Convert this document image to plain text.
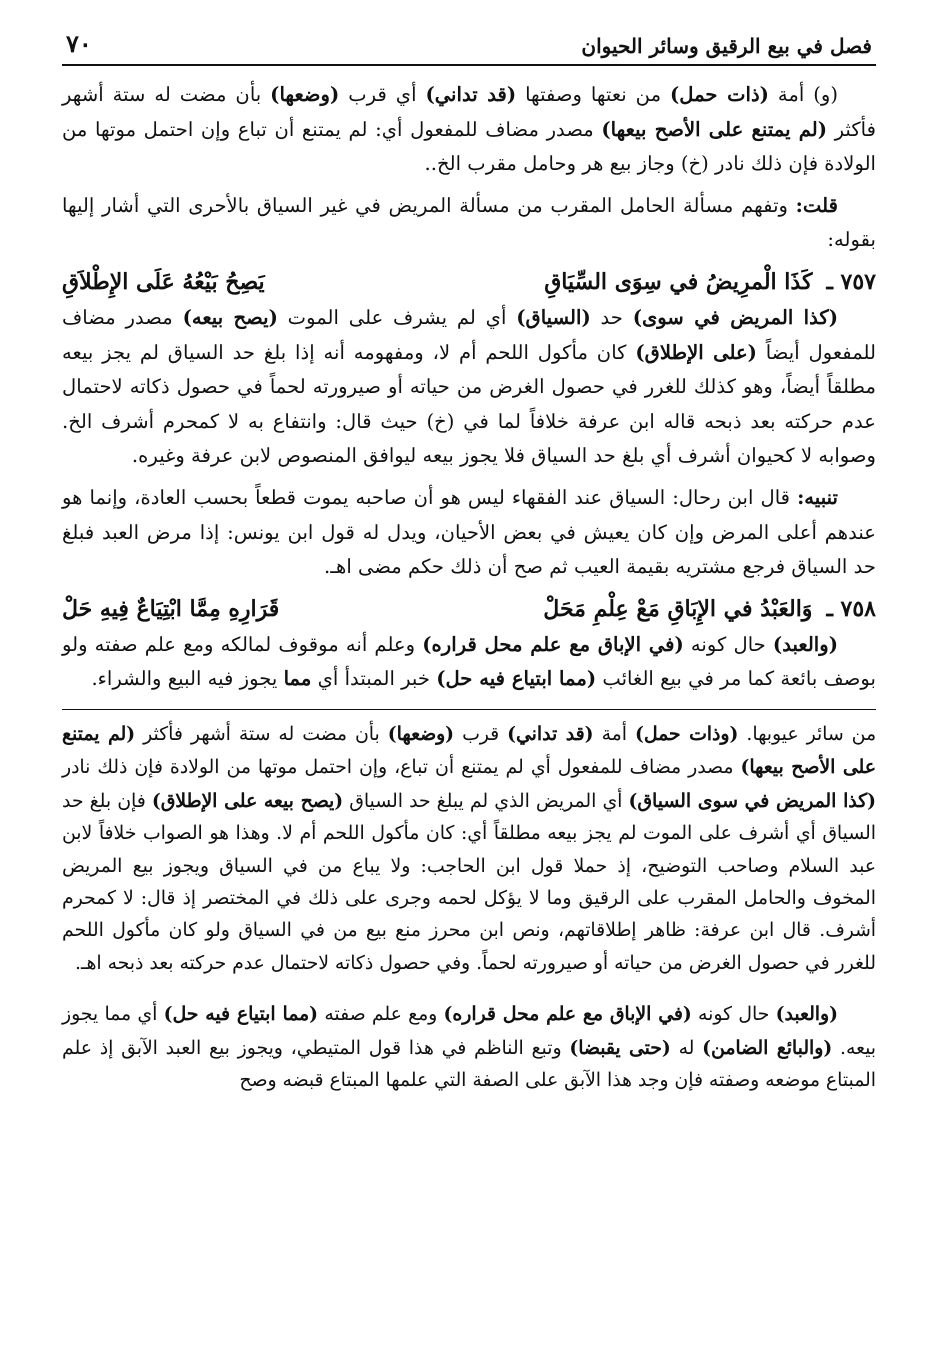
فصل في بيع الرقيق وسائر الحيوان
٧٠

(و) أمة (ذات حمل) من نعتها وصفتها (قد تداني) أي قرب (وضعها) بأن مضت له ستة أشهر فأكثر (لم يمتنع على الأصح بيعها) مصدر مضاف للمفعول أي: لم يمتنع أن تباع وإن احتمل موتها من الولادة فإن ذلك نادر (خ) وجاز بيع هر وحامل مقرب الخ..

قلت: وتفهم مسألة الحامل المقرب من مسألة المريض في غير السياق بالأحرى التي أشار إليها بقوله:

٧٥٧ ـ
كَذَا الْمرِيضُ في سِوَى السِّيَاقِ
يَصِحُ بَيْعُهُ عَلَى الإِطْلاَقِ

(كذا المريض في سوى) حد (السياق) أي لم يشرف على الموت (يصح بيعه) مصدر مضاف للمفعول أيضاً (على الإطلاق) كان مأكول اللحم أم لا، ومفهومه أنه إذا بلغ حد السياق لم يجز بيعه مطلقاً أيضاً، وهو كذلك للغرر في حصول الغرض من حياته أو صيرورته لحماً في حصول ذكاته لاحتمال عدم حركته بعد ذبحه قاله ابن عرفة خلافاً لما في (خ) حيث قال: وانتفاع به لا كمحرم أشرف الخ. وصوابه لا كحيوان أشرف أي بلغ حد السياق فلا يجوز بيعه ليوافق المنصوص لابن عرفة وغيره.

تنبيه: قال ابن رحال: السياق عند الفقهاء ليس هو أن صاحبه يموت قطعاً بحسب العادة، وإنما هو عندهم أعلى المرض وإن كان يعيش في بعض الأحيان، ويدل له قول ابن يونس: إذا مرض العبد فبلغ حد السياق فرجع مشتريه بقيمة العيب ثم صح أن ذلك حكم مضى اهـ.

٧٥٨ ـ
وَالعَبْدُ في الإِبَاقِ مَعْ عِلْمِ مَحَلْ
قَرَارِهِ مِمَّا ابْتِيَاعٌ فِيهِ حَلْ

(والعبد) حال كونه (في الإباق مع علم محل قراره) وعلم أنه موقوف لمالكه ومع علم صفته ولو بوصف بائعة كما مر في بيع الغائب (مما ابتياع فيه حل) خبر المبتدأ أي مما يجوز فيه البيع والشراء.

من سائر عيوبها. (وذات حمل) أمة (قد تداني) قرب (وضعها) بأن مضت له ستة أشهر فأكثر (لم يمتنع على الأصح بيعها) مصدر مضاف للمفعول أي لم يمتنع أن تباع، وإن احتمل موتها من الولادة فإن ذلك نادر (كذا المريض في سوى السياق) أي المريض الذي لم يبلغ حد السياق (يصح بيعه على الإطلاق) فإن بلغ حد السياق أي أشرف على الموت لم يجز بيعه مطلقاً أي: كان مأكول اللحم أم لا. وهذا هو الصواب خلافاً لابن عبد السلام وصاحب التوضيح، إذ حملا قول ابن الحاجب: ولا يباع من في السياق ويجوز بيع المريض المخوف والحامل المقرب على الرقيق وما لا يؤكل لحمه وجرى على ذلك في المختصر إذ قال: لا كمحرم أشرف. قال ابن عرفة: ظاهر إطلاقاتهم، ونص ابن محرز منع بيع من في السياق ولو كان مأكول اللحم للغرر في حصول الغرض من حياته أو صيرورته لحماً. وفي حصول ذكاته لاحتمال عدم حركته بعد ذبحه اهـ.

(والعبد) حال كونه (في الإباق مع علم محل قراره) ومع علم صفته (مما ابتياع فيه حل) أي مما يجوز بيعه. (والبائع الضامن) له (حتى يقبضا) وتبع الناظم في هذا قول المتيطي، ويجوز بيع العبد الآبق إذ علم المبتاع موضعه وصفته فإن وجد هذا الآبق على الصفة التي علمها المبتاع قبضه وصح
